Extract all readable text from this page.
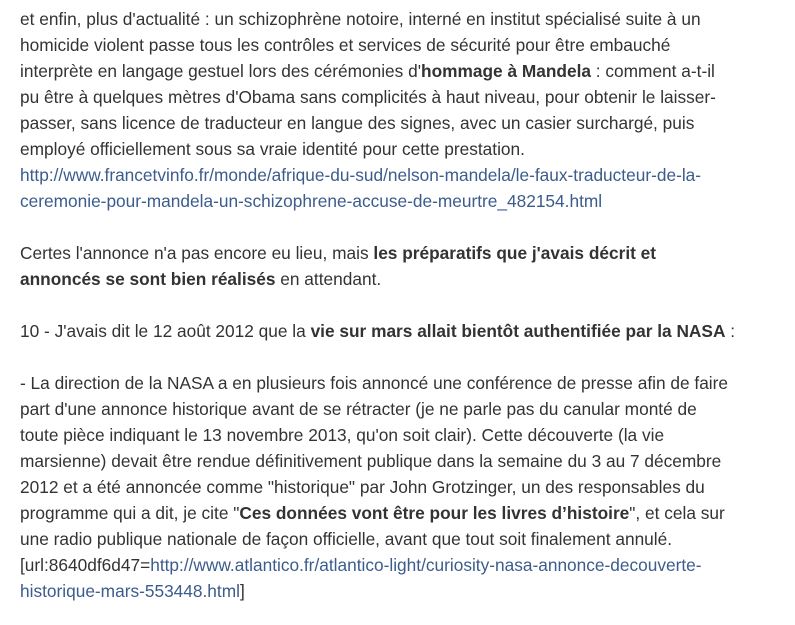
et enfin, plus d'actualité : un schizophrène notoire, interné en institut spécialisé suite à un

homicide violent passe tous les contrôles et services de sécurité pour être embauché

interprète en langage gestuel lors des cérémonies d'hommage à Mandela : comment a-t-il

pu être à quelques mètres d'Obama sans complicités à haut niveau, pour obtenir le laisser-

passer, sans licence de traducteur en langue des signes, avec un casier surchargé, puis

employé officiellement sous sa vraie identité pour cette prestation.

http://www.francetvinfo.fr/monde/afrique-du-sud/nelson-mandela/le-faux-traducteur-de-la-

ceremonie-pour-mandela-un-schizophrene-accuse-de-meurtre_482154.html

Certes l'annonce n'a pas encore eu lieu, mais les préparatifs que j'avais décrit et

annoncés se sont bien réalisés en attendant.

10 - J'avais dit le 12 août 2012 que la vie sur mars allait bientôt authentifiée par la NASA :

- La direction de la NASA a en plusieurs fois annoncé une conférence de presse afin de faire

part d'une annonce historique avant de se rétracter (je ne parle pas du canular monté de

toute pièce indiquant le 13 novembre 2013, qu'on soit clair). Cette découverte (la vie

marsienne) devait être rendue définitivement publique dans la semaine du 3 au 7 décembre

2012 et a été annoncée comme "historique" par John Grotzinger, un des responsables du

programme qui a dit, je cite "Ces données vont être pour les livres d’histoire", et cela sur

une radio publique nationale de façon officielle, avant que tout soit finalement annulé.

[url:8640df6d47=http://www.atlantico.fr/atlantico-light/curiosity-nasa-annonce-decouverte-

historique-mars-553448.html]
